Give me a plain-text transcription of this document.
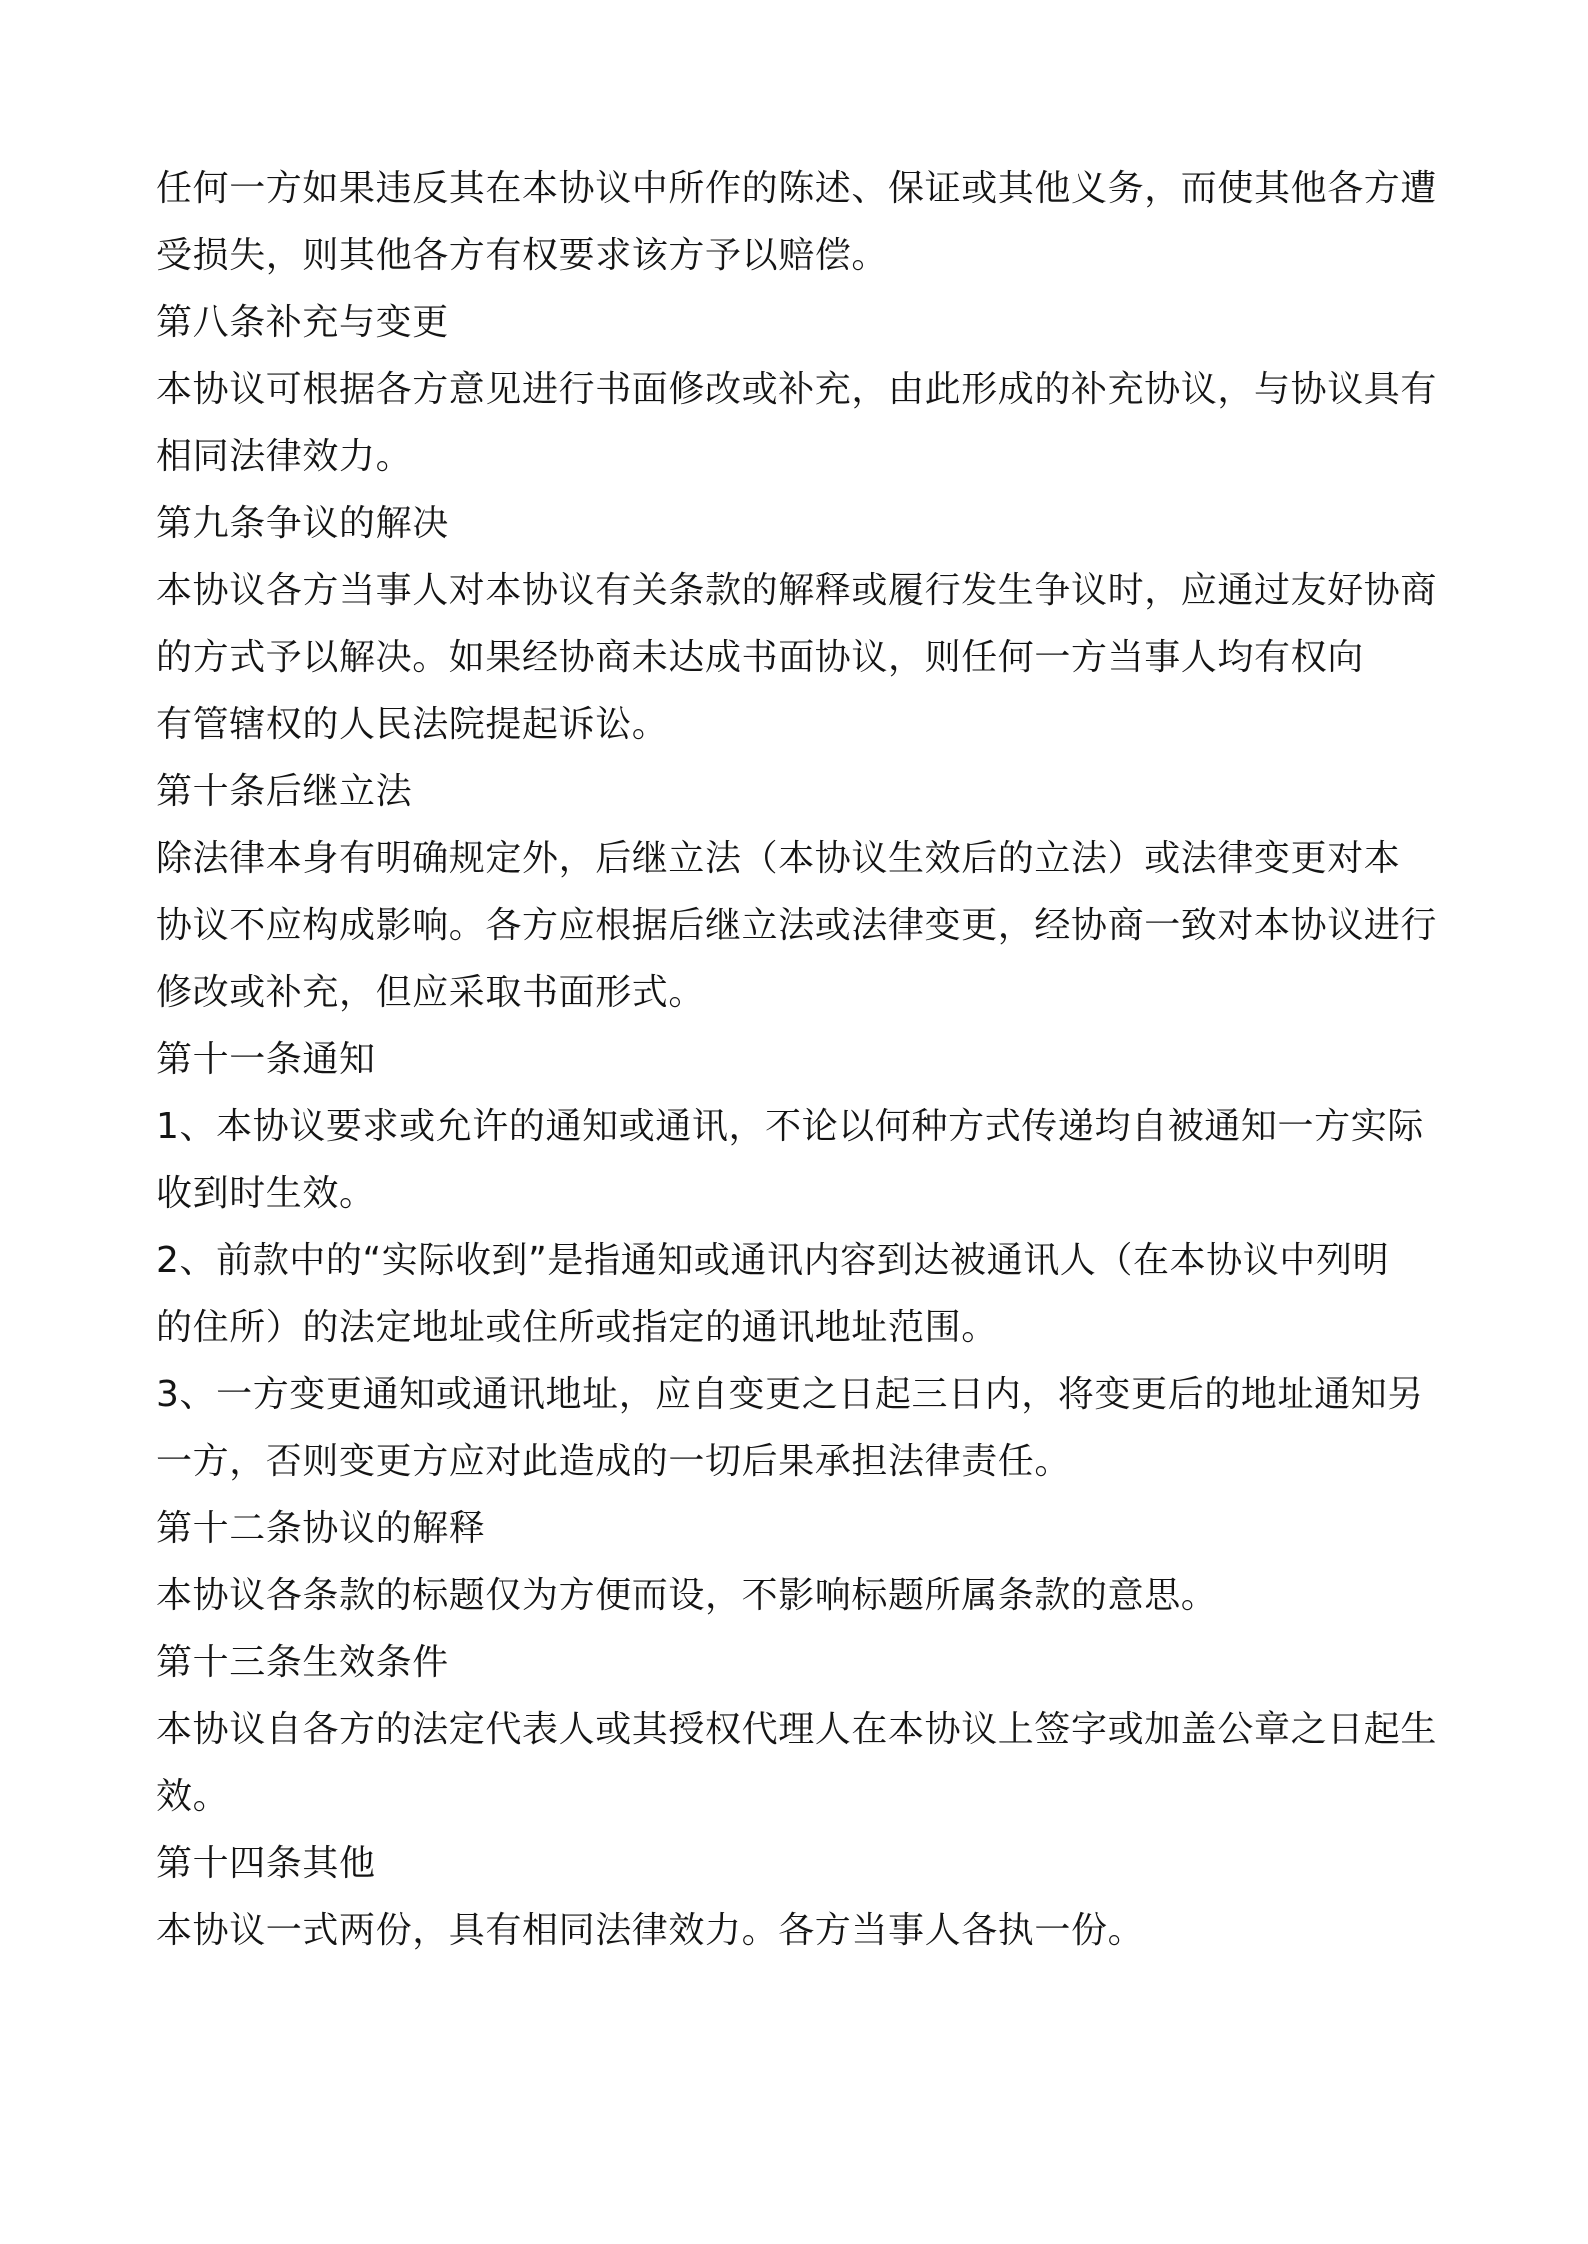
任何一方如果违反其在本协议中所作的陈述、保证或其他义务，而使其他各方遭
受损失，则其他各方有权要求该方予以赔偿。
第八条补充与变更
本协议可根据各方意见进行书面修改或补充，由此形成的补充协议，与协议具有
相同法律效力。
第九条争议的解决
本协议各方当事人对本协议有关条款的解释或履行发生争议时，应通过友好协商
的方式予以解决。如果经协商未达成书面协议，则任何一方当事人均有权向
有管辖权的人民法院提起诉讼。
第十条后继立法
除法律本身有明确规定外，后继立法（本协议生效后的立法）或法律变更对本
协议不应构成影响。各方应根据后继立法或法律变更，经协商一致对本协议进行
修改或补充，但应采取书面形式。
第十一条通知
1、本协议要求或允许的通知或通讯，不论以何种方式传递均自被通知一方实际
收到时生效。
2、前款中的“实际收到”是指通知或通讯内容到达被通讯人（在本协议中列明
的住所）的法定地址或住所或指定的通讯地址范围。
3、一方变更通知或通讯地址，应自变更之日起三日内，将变更后的地址通知另
一方，否则变更方应对此造成的一切后果承担法律责任。
第十二条协议的解释
本协议各条款的标题仅为方便而设，不影响标题所属条款的意思。
第十三条生效条件
本协议自各方的法定代表人或其授权代理人在本协议上签字或加盖公章之日起生
效。
第十四条其他
本协议一式两份，具有相同法律效力。各方当事人各执一份。
